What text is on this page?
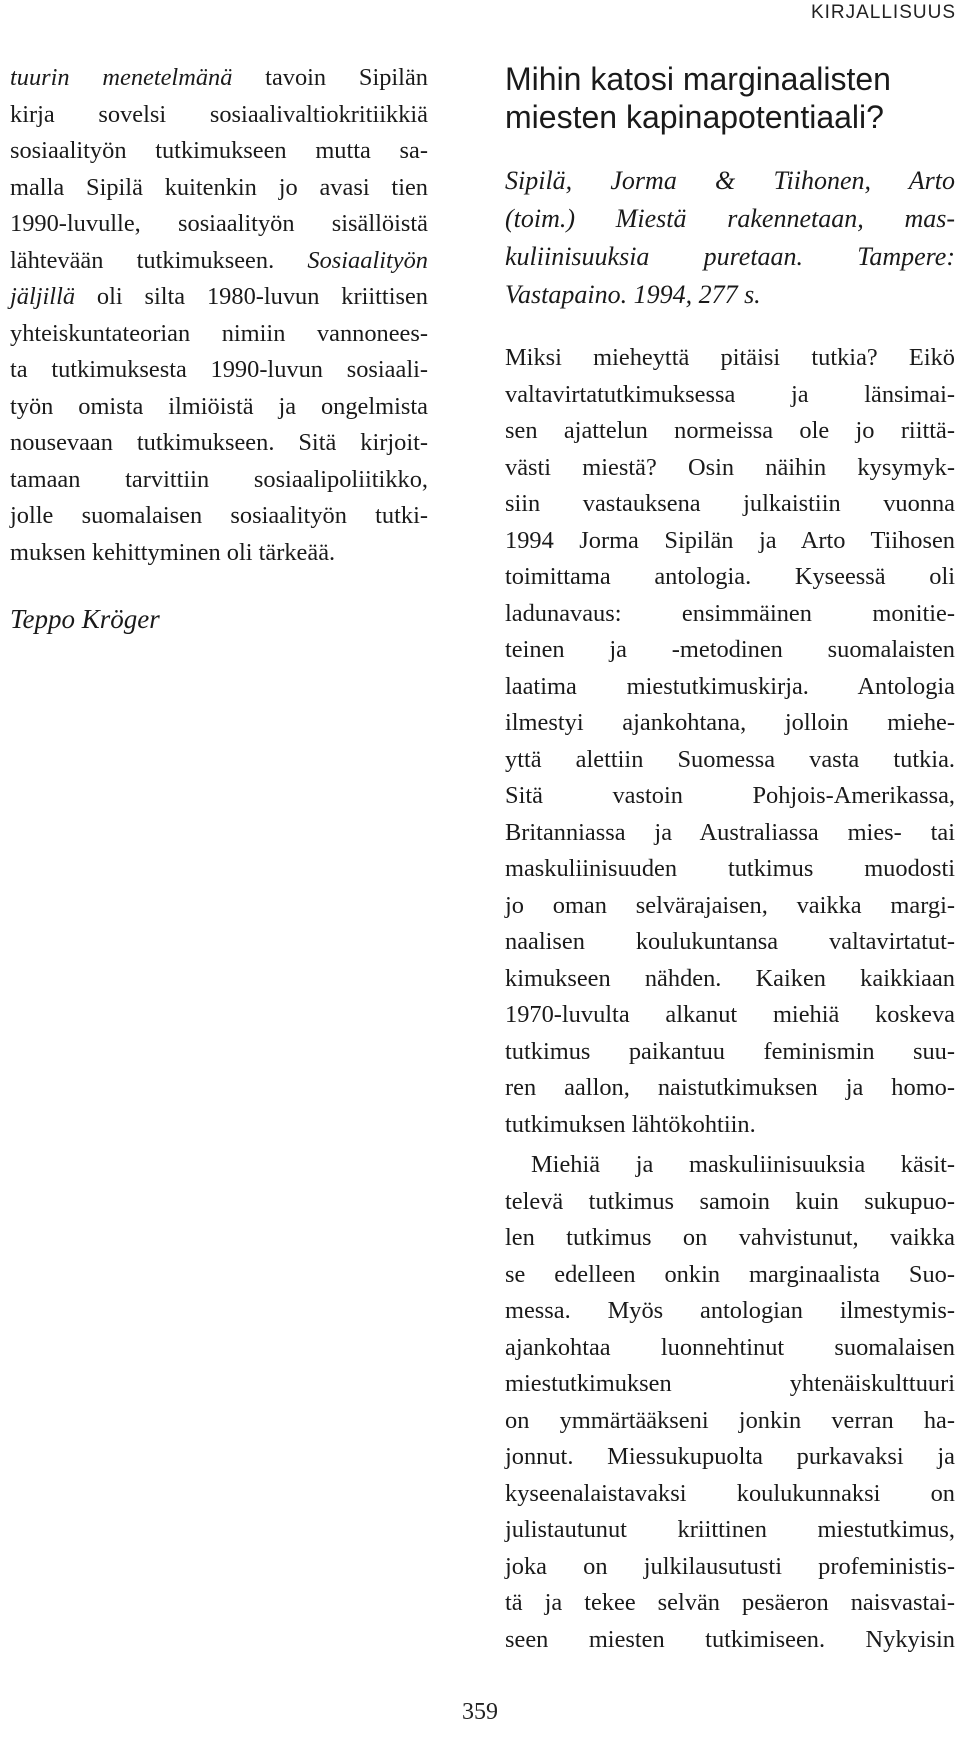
KIRJALLISUUS
tuurin menetelmänä tavoin Sipilän
kirja sovelsi sosiaalivaltiokritiikkiä
sosiaalityön tutkimukseen mutta sa-
malla Sipilä kuitenkin jo avasi tien
1990-luvulle, sosiaalityön sisällöistä
lähtevään tutkimukseen. Sosiaalityön
jäljillä oli silta 1980-luvun kriittisen
yhteiskuntateorian nimiin vannonees-
ta tutkimuksesta 1990-luvun sosiaali-
työn omista ilmiöistä ja ongelmista
nousevaan tutkimukseen. Sitä kirjoit-
tamaan tarvittiin sosiaalipoliitikko,
jolle suomalaisen sosiaalityön tutki-
muksen kehittyminen oli tärkeää.
Teppo Kröger
Mihin katosi marginaalisten
miesten kapinapotentiaali?
Sipilä, Jorma & Tiihonen, Arto
(toim.) Miestä rakennetaan, mas-
kuliinisuuksia puretaan. Tampere:
Vastapaino. 1994, 277 s.
Miksi mieheyttä pitäisi tutkia? Eikö
valtavirtatutkimuksessa ja länsimai-
sen ajattelun normeissa ole jo riittä-
västi miestä? Osin näihin kysymyk-
siin vastauksena julkaistiin vuonna
1994 Jorma Sipilän ja Arto Tiihosen
toimittama antologia. Kyseessä oli
ladunavaus: ensimmäinen monitie-
teinen ja -metodinen suomalaisten
laatima miestutkimuskirja. Antologia
ilmestyi ajankohtana, jolloin miehe-
yttä alettiin Suomessa vasta tutkia.
Sitä vastoin Pohjois-Amerikassa,
Britanniassa ja Australiassa mies- tai
maskuliinisuuden tutkimus muodosti
jo oman selvärajaisen, vaikka margi-
naalisen koulukuntansa valtavirtatut-
kimukseen nähden. Kaiken kaikkiaan
1970-luvulta alkanut miehiä koskeva
tutkimus paikantuu feminismin suu-
ren aallon, naistutkimuksen ja homo-
tutkimuksen lähtökohtiin.
Miehiä ja maskuliinisuuksia käsit-
televä tutkimus samoin kuin sukupuo-
len tutkimus on vahvistunut, vaikka
se edelleen onkin marginaalista Suo-
messa. Myös antologian ilmestymis-
ajankohtaa luonnehtinut suomalaisen
miestutkimuksen yhtenäiskulttuuri
on ymmärtääkseni jonkin verran ha-
jonnut. Miessukupuolta purkavaksi ja
kyseenalaistavaksi koulukunnaksi on
julistautunut kriittinen miestutkimus,
joka on julkilausutusti profeministis-
tä ja tekee selvän pesäeron naisvastai-
seen miesten tutkimiseen. Nykyisin
359
